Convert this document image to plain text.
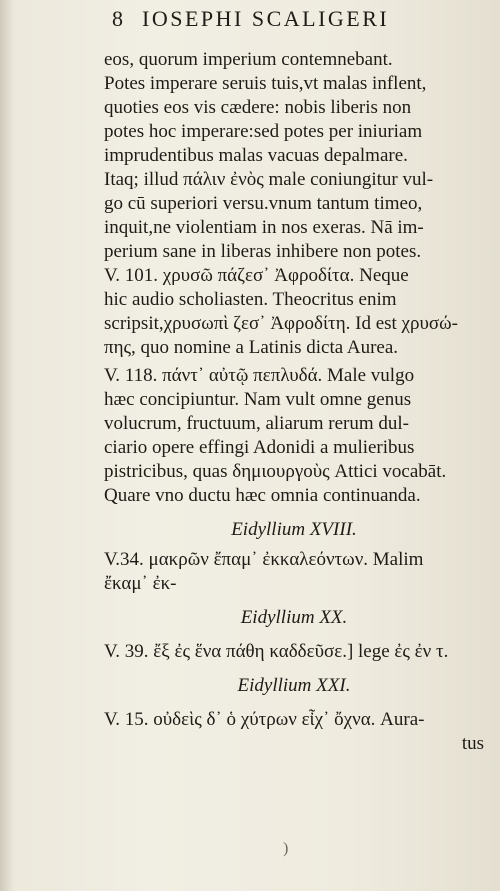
8 IOSEPHI SCALIGERI
eos, quorum imperium contemnebant.
Potes imperare seruis tuis,vt malas inflent,
quoties eos vis cædere: nobis liberis non
potes hoc imperare:sed potes per iniuriam
imprudentibus malas vacuas depalmare.
Itaq; illud πάλιν ἐνὸς male coniungitur vul-
go cū superiori versu.vnum tantum timeo,
inquit,ne violentiam in nos exeras. Nā im-
perium sane in liberas inhibere non potes.
V. 101. χρυσῶ πάζεσ᾽ Ἀφροδίτα. Neque
hic audio scholiasten. Theocritus enim
scripsit,χρυσωπὶ ζεσ᾽ Ἀφροδίτη. Id est χρυσώ-
πης, quo nomine a Latinis dicta Aurea.
V. 118. πάντ᾽ αὐτῷ πεπλυδά. Male vulgo
hæc concipiuntur. Nam vult omne genus
volucrum, fructuum, aliarum rerum dul-
ciario opere effingi Adonidi a mulieribus
pistricibus, quas δημιουργοὺς Attici vocabāt.
Quare vno ductu hæc omnia continuanda.
Eidyllium XVIII.
V.34. μακρῶν ἔπαμ᾽ ἐκκαλεόντων. Malim
ἔκαμ᾽ ἐκ-
Eidyllium XX.
V. 39. ἔξ ἐς ἕνα πάθη καδδεῦσε.] lege ἐς ἐν τ.
Eidyllium XXI.
V. 15. οὐδεὶς δ᾽ ὁ χύτρων εἶχ᾽ ὄχνα. Aura-
tus
)
